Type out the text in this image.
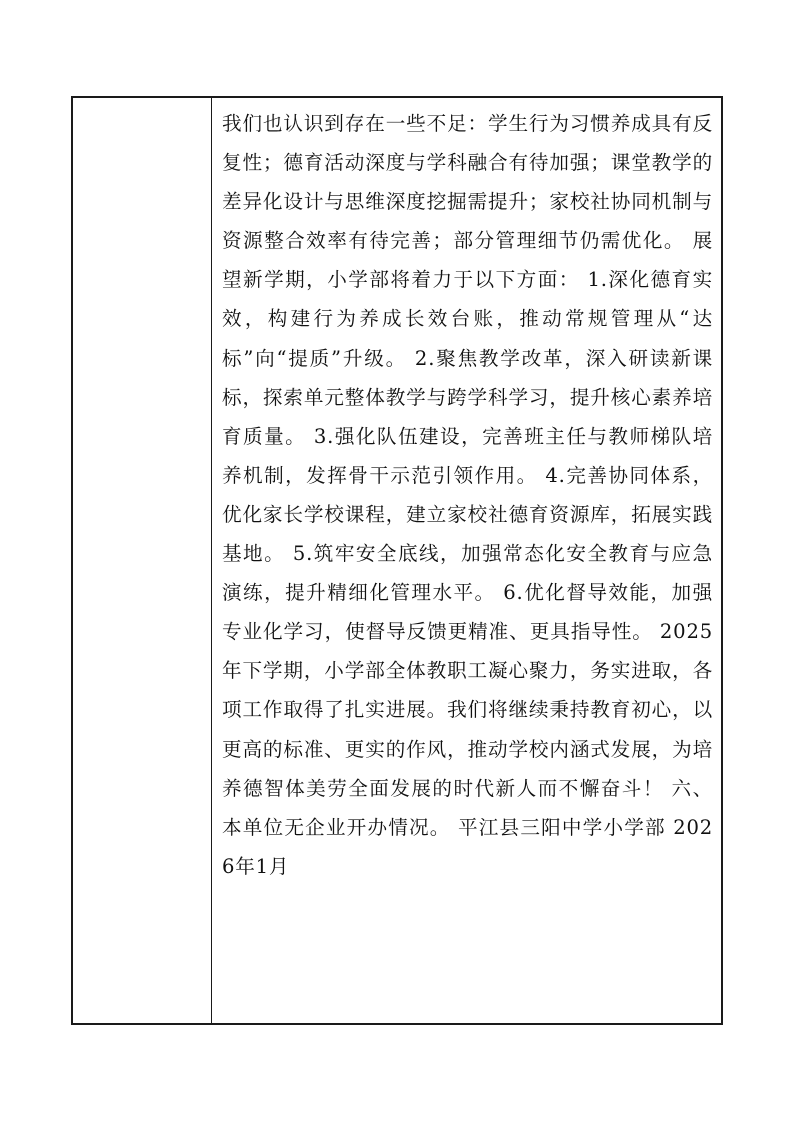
我们也认识到存在一些不足：学生行为习惯养成具有反复性；德育活动深度与学科融合有待加强；课堂教学的差异化设计与思维深度挖掘需提升；家校社协同机制与资源整合效率有待完善；部分管理细节仍需优化。 展望新学期，小学部将着力于以下方面： 1.深化德育实效，构建行为养成长效台账，推动常规管理从“达标”向“提质”升级。 2.聚焦教学改革，深入研读新课标，探索单元整体教学与跨学科学习，提升核心素养培育质量。 3.强化队伍建设，完善班主任与教师梯队培养机制，发挥骨干示范引领作用。 4.完善协同体系，优化家长学校课程，建立家校社德育资源库，拓展实践基地。 5.筑牢安全底线，加强常态化安全教育与应急演练，提升精细化管理水平。 6.优化督导效能，加强专业化学习，使督导反馈更精准、更具指导性。 2025年下学期，小学部全体教职工凝心聚力，务实进取，各项工作取得了扎实进展。我们将继续秉持教育初心，以更高的标准、更实的作风，推动学校内涵式发展，为培养德智体美劳全面发展的时代新人而不懈奋斗！ 六、本单位无企业开办情况。 平江县三阳中学小学部 2026年1月
